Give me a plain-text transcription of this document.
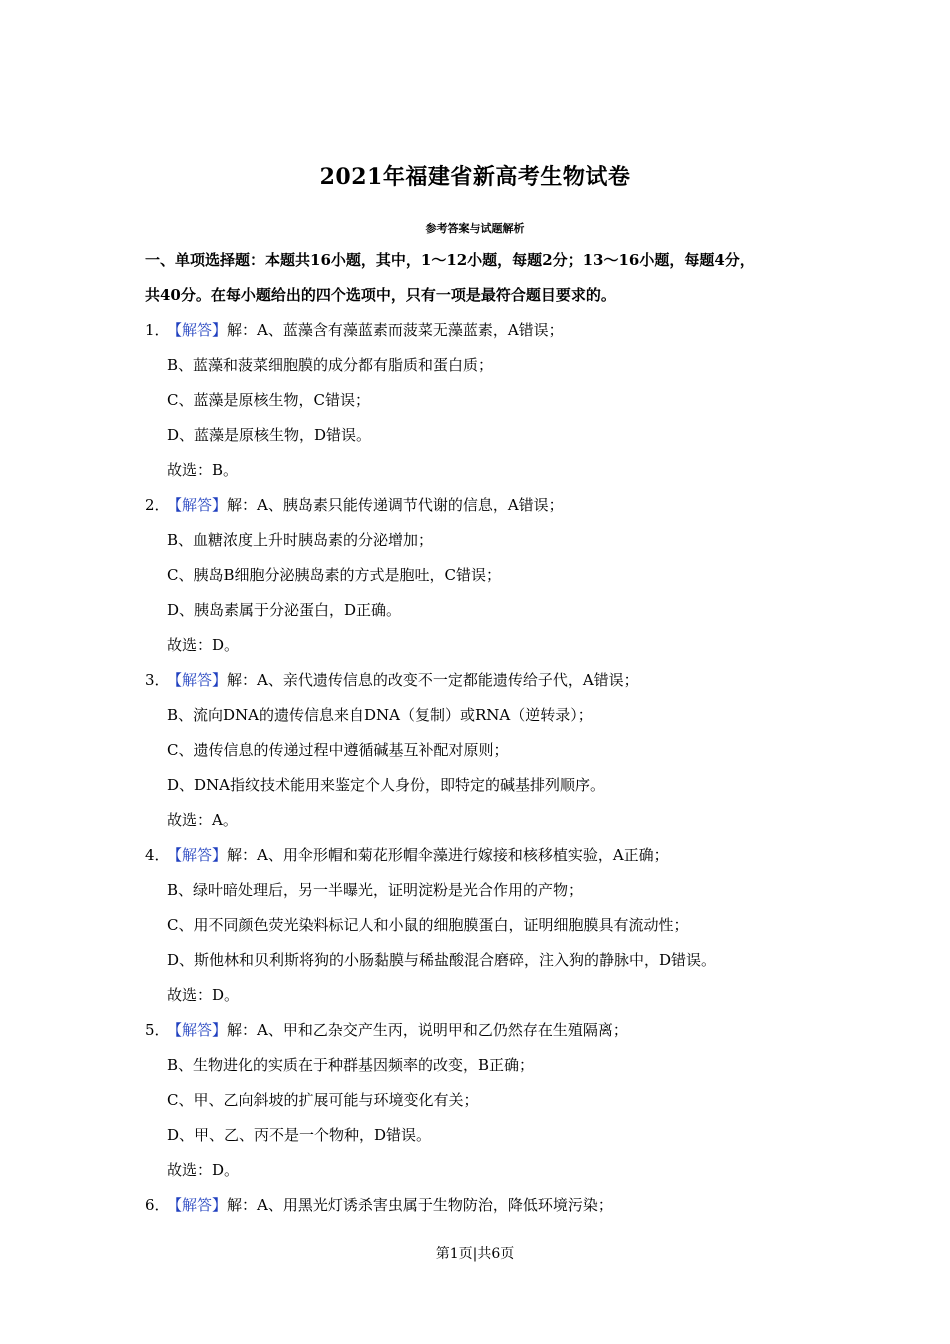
2021年福建省新高考生物试卷
参考答案与试题解析
一、单项选择题：本题共16小题，其中，1～12小题，每题2分；13～16小题，每题4分，
共40分。在每小题给出的四个选项中，只有一项是最符合题目要求的。
1．【解答】解：A、蓝藻含有藻蓝素而菠菜无藻蓝素，A错误；
B、蓝藻和菠菜细胞膜的成分都有脂质和蛋白质；
C、蓝藻是原核生物，C错误；
D、蓝藻是原核生物，D错误。
故选：B。
2．【解答】解：A、胰岛素只能传递调节代谢的信息，A错误；
B、血糖浓度上升时胰岛素的分泌增加；
C、胰岛B细胞分泌胰岛素的方式是胞吐，C错误；
D、胰岛素属于分泌蛋白，D正确。
故选：D。
3．【解答】解：A、亲代遗传信息的改变不一定都能遗传给子代，A错误；
B、流向DNA的遗传信息来自DNA（复制）或RNA（逆转录）；
C、遗传信息的传递过程中遵循碱基互补配对原则；
D、DNA指纹技术能用来鉴定个人身份，即特定的碱基排列顺序。
故选：A。
4．【解答】解：A、用伞形帽和菊花形帽伞藻进行嫁接和核移植实验，A正确；
B、绿叶暗处理后，另一半曝光，证明淀粉是光合作用的产物；
C、用不同颜色荧光染料标记人和小鼠的细胞膜蛋白，证明细胞膜具有流动性；
D、斯他林和贝利斯将狗的小肠黏膜与稀盐酸混合磨碎，注入狗的静脉中，D错误。
故选：D。
5．【解答】解：A、甲和乙杂交产生丙，说明甲和乙仍然存在生殖隔离；
B、生物进化的实质在于种群基因频率的改变，B正确；
C、甲、乙向斜坡的扩展可能与环境变化有关；
D、甲、乙、丙不是一个物种，D错误。
故选：D。
6．【解答】解：A、用黑光灯诱杀害虫属于生物防治，降低环境污染；
第1页|共6页
